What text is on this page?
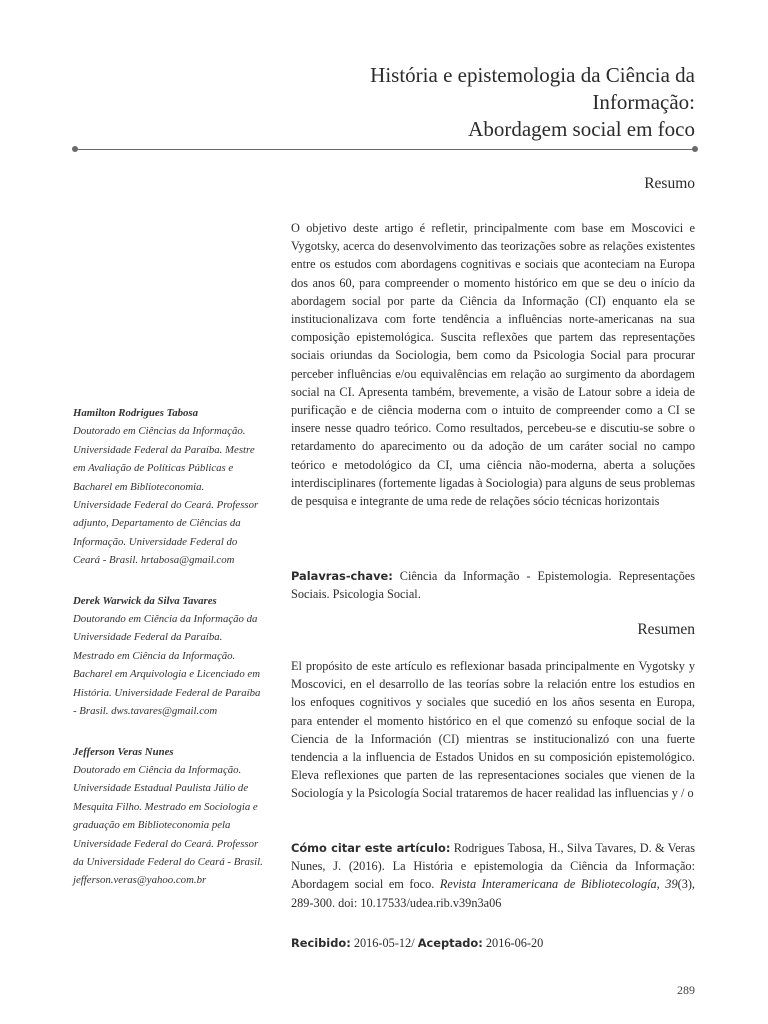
História e epistemologia da Ciência da
Informação:
Abordagem social em foco
Resumo
O objetivo deste artigo é refletir, principalmente com base em Moscovici e Vygotsky, acerca do desenvolvimento das teorizações sobre as relações existentes entre os estudos com abordagens cognitivas e sociais que aconteciam na Europa dos anos 60, para compreender o momento histórico em que se deu o início da abordagem social por parte da Ciência da Informação (CI) enquanto ela se institucionalizava com forte tendência a influências norte-americanas na sua composição epistemológica. Suscita reflexões que partem das representações sociais oriundas da Sociologia, bem como da Psicologia Social para procurar perceber influências e/ou equivalências em relação ao surgimento da abordagem social na CI. Apresenta também, brevemente, a visão de Latour sobre a ideia de purificação e de ciência moderna com o intuito de compreender como a CI se insere nesse quadro teórico. Como resultados, percebeu-se e discutiu-se sobre o retardamento do aparecimento ou da adoção de um caráter social no campo teórico e metodológico da CI, uma ciência não-moderna, aberta a soluções interdisciplinares (fortemente ligadas à Sociologia) para alguns de seus problemas de pesquisa e integrante de uma rede de relações sócio técnicas horizontais
Palavras-chave: Ciência da Informação - Epistemologia. Representações Sociais. Psicologia Social.
Resumen
El propósito de este artículo es reflexionar basada principalmente en Vygotsky y Moscovici, en el desarrollo de las teorías sobre la relación entre los estudios en los enfoques cognitivos y sociales que sucedió en los años sesenta en Europa, para entender el momento histórico en el que comenzó su enfoque social de la Ciencia de la Información (CI) mientras se institucionalizó con una fuerte tendencia a la influencia de Estados Unidos en su composición epistemológico. Eleva reflexiones que parten de las representaciones sociales que vienen de la Sociología y la Psicología Social trataremos de hacer realidad las influencias y / o
Cómo citar este artículo: Rodrigues Tabosa, H., Silva Tavares, D. & Veras Nunes, J. (2016). La História e epistemologia da Ciência da Informação: Abordagem social em foco. Revista Interamericana de Bibliotecología, 39(3), 289-300. doi: 10.17533/udea.rib.v39n3a06
Recibido: 2016-05-12/ Aceptado: 2016-06-20
Hamilton Rodrigues Tabosa
Doutorado em Ciências da Informação. Universidade Federal da Paraíba. Mestre em Avaliação de Políticas Públicas e Bacharel em Biblioteconomia. Universidade Federal do Ceará. Professor adjunto, Departamento de Ciências da Informação. Universidade Federal do Ceará - Brasil. hrtabosa@gmail.com
Derek Warwick da Silva Tavares
Doutorando em Ciência da Informação da Universidade Federal da Paraíba. Mestrado em Ciência da Informação. Bacharel em Arquivologia e Licenciado em História. Universidade Federal de Paraíba - Brasil. dws.tavares@gmail.com
Jefferson Veras Nunes
Doutorado em Ciência da Informação. Universidade Estadual Paulista Júlio de Mesquita Filho. Mestrado em Sociologia e graduação em Biblioteconomia pela Universidade Federal do Ceará. Professor da Universidade Federal do Ceará - Brasil. jefferson.veras@yahoo.com.br
289
